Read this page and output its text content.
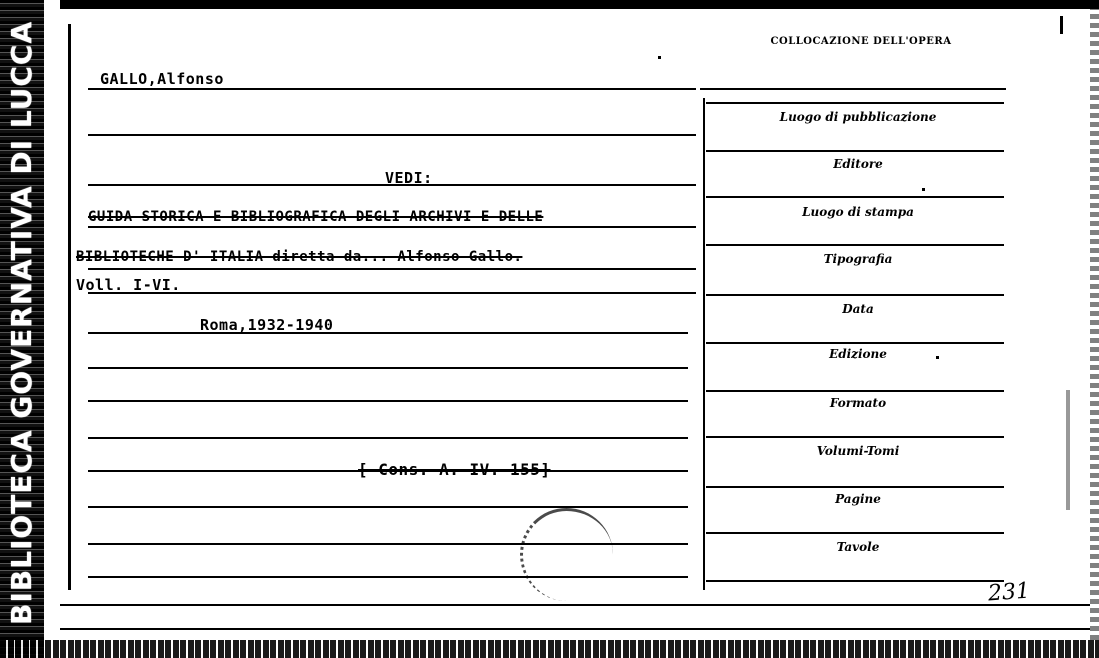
BIBLIOTECA GOVERNATIVA DI LUCCA	GALLO,Alfonso
VEDI:
GUIDA STORICA E BIBLIOGRAFICA DEGLI ARCHIVI E DELLE
BIBLIOTECHE D' ITALIA diretta da... Alfonso Gallo.
Voll. I-VI.
Roma,1932-1940
[ Cons. A. IV. 155]
COLLOCAZIONE DELL'OPERA
Luogo di pubblicazione
Editore
Luogo di stampa
Tipografia
Data
Edizione
Formato
Volumi-Tomi
Pagine
Tavole
231
